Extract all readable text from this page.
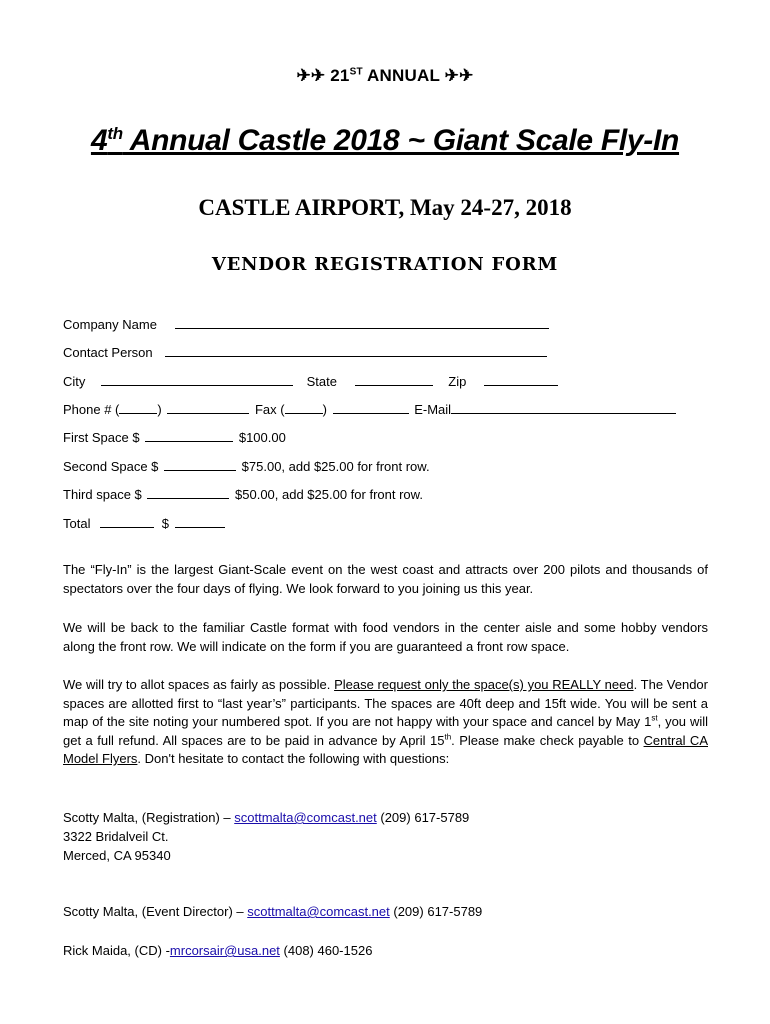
✈✈ 21ST ANNUAL ✈✈
4th Annual Castle 2018 ~ Giant Scale Fly-In
CASTLE AIRPORT, May 24-27, 2018
VENDOR REGISTRATION FORM
Company Name
Contact Person
City	State	Zip
Phone # (	)	Fax (	)	E-Mail
First Space $	$100.00
Second Space $	$75.00, add $25.00 for front row.
Third space $	$50.00, add $25.00 for front row.
Total	$

The “Fly-In” is the largest Giant-Scale event on the west coast and attracts over 200 pilots and thousands of spectators over the four days of flying. We look forward to you joining us this year.

We will be back to the familiar Castle format with food vendors in the center aisle and some hobby vendors along the front row. We will indicate on the form if you are guaranteed a front row space.

We will try to allot spaces as fairly as possible. Please request only the space(s) you REALLY need. The Vendor spaces are allotted first to “last year’s” participants. The spaces are 40ft deep and 15ft wide. You will be sent a map of the site noting your numbered spot. If you are not happy with your space and cancel by May 1st, you will get a full refund. All spaces are to be paid in advance by April 15th. Please make check payable to Central CA Model Flyers. Don't hesitate to contact the following with questions:

Scotty Malta, (Registration) – scottmalta@comcast.net (209) 617-5789
3322 Bridalveil Ct.
Merced, CA 95340
Scotty Malta, (Event Director) – scottmalta@comcast.net (209) 617-5789
Rick Maida, (CD) -mrcorsair@usa.net (408) 460-1526
